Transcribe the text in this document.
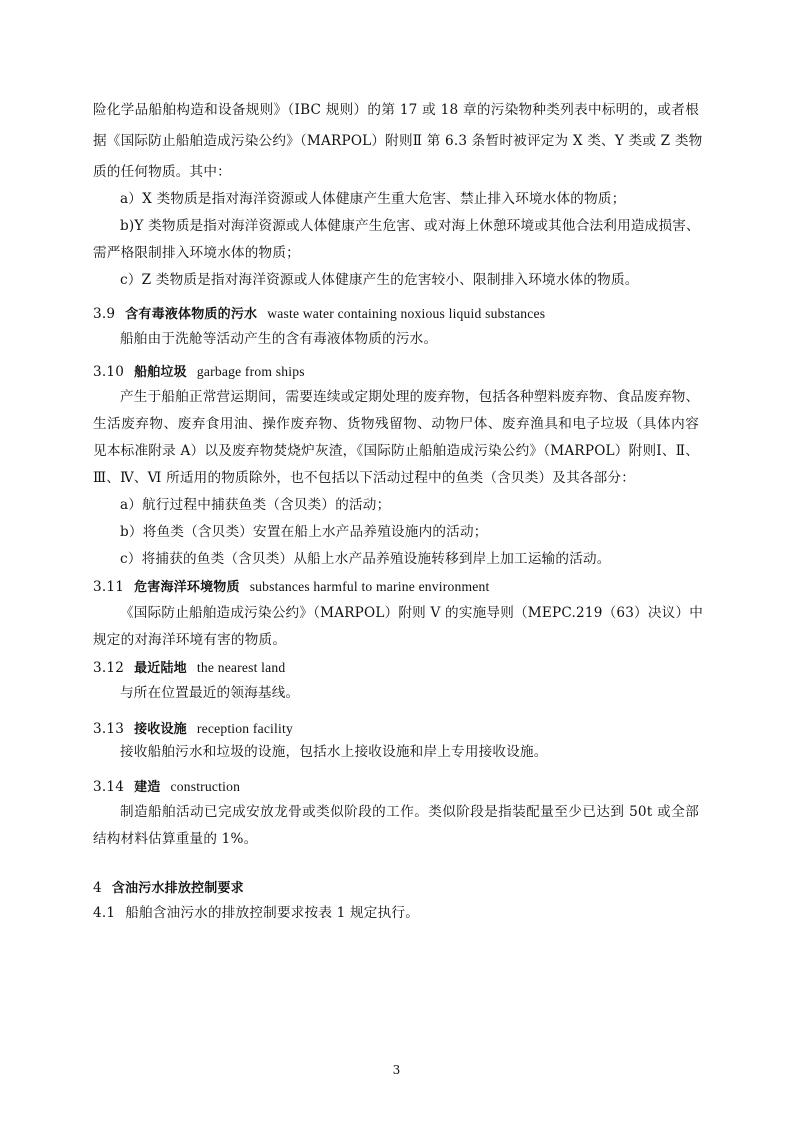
险化学品船舶构造和设备规则》（IBC 规则）的第 17 或 18 章的污染物种类列表中标明的，或者根
据《国际防止船舶造成污染公约》（MARPOL）附则Ⅱ 第 6.3 条暂时被评定为 X 类、Y 类或 Z 类物
质的任何物质。其中：
a）X 类物质是指对海洋资源或人体健康产生重大危害、禁止排入环境水体的物质；
b)Y 类物质是指对海洋资源或人体健康产生危害、或对海上休憩环境或其他合法利用造成损害、
需严格限制排入环境水体的物质；
c）Z 类物质是指对海洋资源或人体健康产生的危害较小、限制排入环境水体的物质。
3.9 含有毒液体物质的污水 waste water containing noxious liquid substances
船舶由于洗舱等活动产生的含有毒液体物质的污水。
3.10 船舶垃圾 garbage from ships
产生于船舶正常营运期间，需要连续或定期处理的废弃物，包括各种塑料废弃物、食品废弃物、
生活废弃物、废弃食用油、操作废弃物、货物残留物、动物尸体、废弃渔具和电子垃圾（具体内容
见本标准附录 A）以及废弃物焚烧炉灰渣，《国际防止船舶造成污染公约》（MARPOL）附则Ⅰ、Ⅱ、
Ⅲ、Ⅳ、Ⅵ 所适用的物质除外，也不包括以下活动过程中的鱼类（含贝类）及其各部分：
a）航行过程中捕获鱼类（含贝类）的活动；
b）将鱼类（含贝类）安置在船上水产品养殖设施内的活动；
c）将捕获的鱼类（含贝类）从船上水产品养殖设施转移到岸上加工运输的活动。
3.11 危害海洋环境物质 substances harmful to marine environment
《国际防止船舶造成污染公约》（MARPOL）附则 Ⅴ 的实施导则（MEPC.219（63）决议）中
规定的对海洋环境有害的物质。
3.12 最近陆地 the nearest land
与所在位置最近的领海基线。
3.13 接收设施 reception facility
接收船舶污水和垃圾的设施，包括水上接收设施和岸上专用接收设施。
3.14 建造 construction
制造船舶活动已完成安放龙骨或类似阶段的工作。类似阶段是指装配量至少已达到 50t 或全部
结构材料估算重量的 1%。
4 含油污水排放控制要求
4.1 船舶含油污水的排放控制要求按表 1 规定执行。
3
